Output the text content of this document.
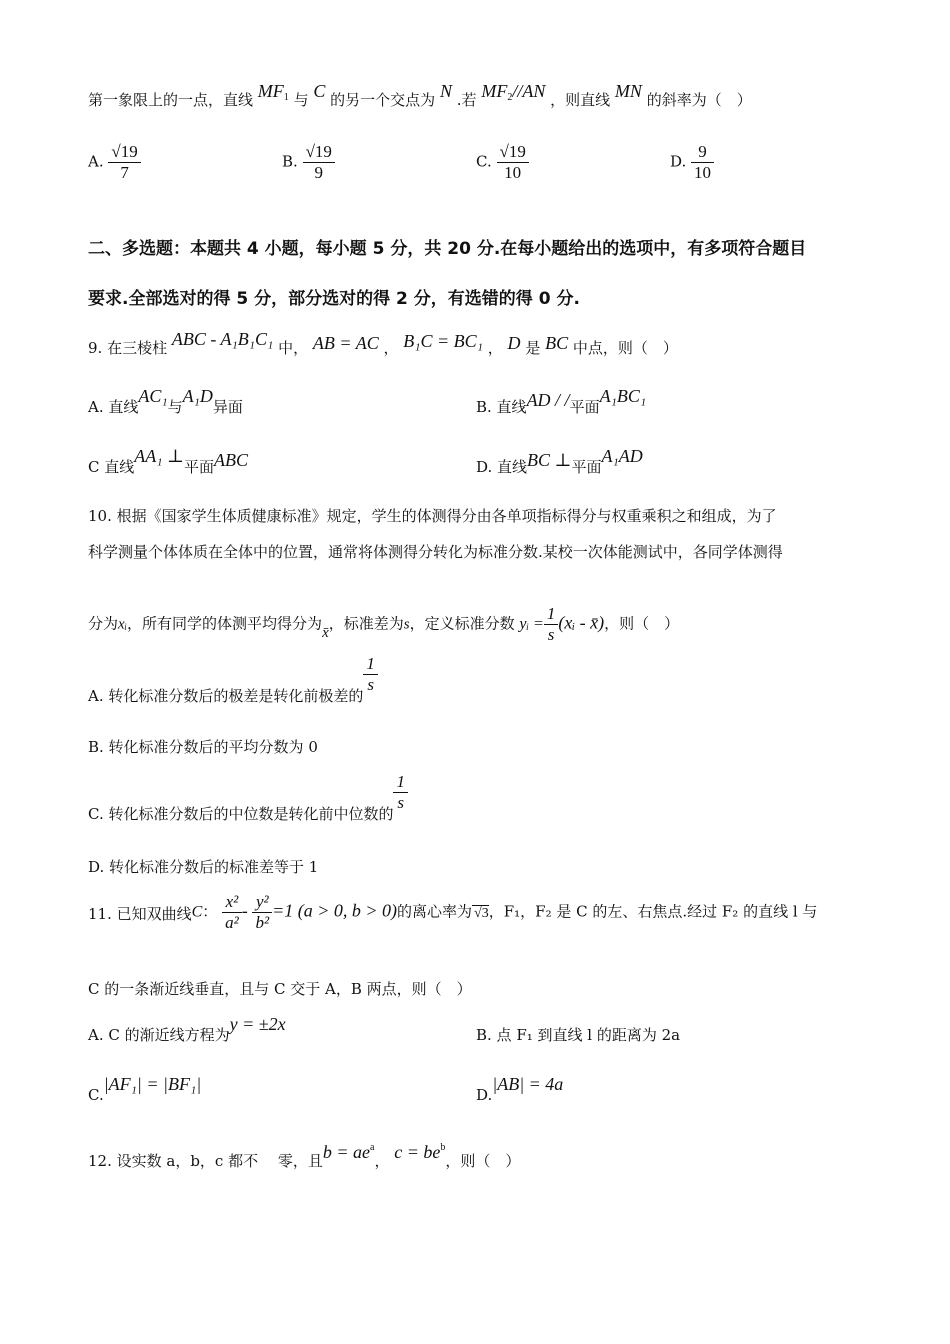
第一象限上的一点，直线 $MF_1$ 与 C 的另一个交点为 N .若 $MF_2//AN$ ，则直线 MN 的斜率为（　）
A. $\frac{√19}{7}$	B. $\frac{√19}{9}$	C. $\frac{√19}{10}$	D. $\frac{9}{10}$
二、多选题：本题共 4 小题，每小题 5 分，共 20 分.在每小题给出的选项中，有多项符合题目
要求.全部选对的得 5 分，部分选对的得 2 分，有选错的得 0 分.
9. 在三棱柱 ABC - A₁B₁C₁ 中， AB = AC ， B₁C = BC₁ ， D 是 BC 中点，则（　）
A. 直线AC₁与A₁D异面	B. 直线AD / /平面A₁BC₁
C 直线AA₁ ⊥平面ABC	D. 直线BC ⊥平面A₁AD
10. 根据《国家学生体质健康标准》规定，学生的体测得分由各单项指标得分与权重乘积之和组成，为了
科学测量个体体质在全体中的位置，通常将体测得分转化为标准分数.某校一次体能测试中，各同学体测得
分为xᵢ，所有同学的体测平均得分为x̄，标准差为s，定义标准分数 yᵢ = $\frac{1}{s}$ (xᵢ - x̄)，则（　）
A. 转化标准分数后的极差是转化前极差的
$\frac{1}{s}$
B. 转化标准分数后的平均分数为 0
C. 转化标准分数后的中位数是转化前中位数的
$\frac{1}{s}$
D. 转化标准分数后的标准差等于 1
11. 已知双曲线C： $\frac{\text{x²}}{\text{a²}} - \frac{\text{y²}}{\text{b²}} =1$ (a > 0, b > 0)的离心率为 √3，F₁，F₂ 是 C 的左、右焦点.经过 F₂ 的直线 l 与
C 的一条渐近线垂直，且与 C 交于 A，B 两点，则（　）
A. C 的渐近线方程为y = ±2x
B. 点 F₁ 到直线 l 的距离为 2a
C.|AF₁| = |BF₁|
D.|AB| = 4a
12. 设实数 a，b，c 都不　 零，且$b = ae^a$， $c = be^b$，则（　）
